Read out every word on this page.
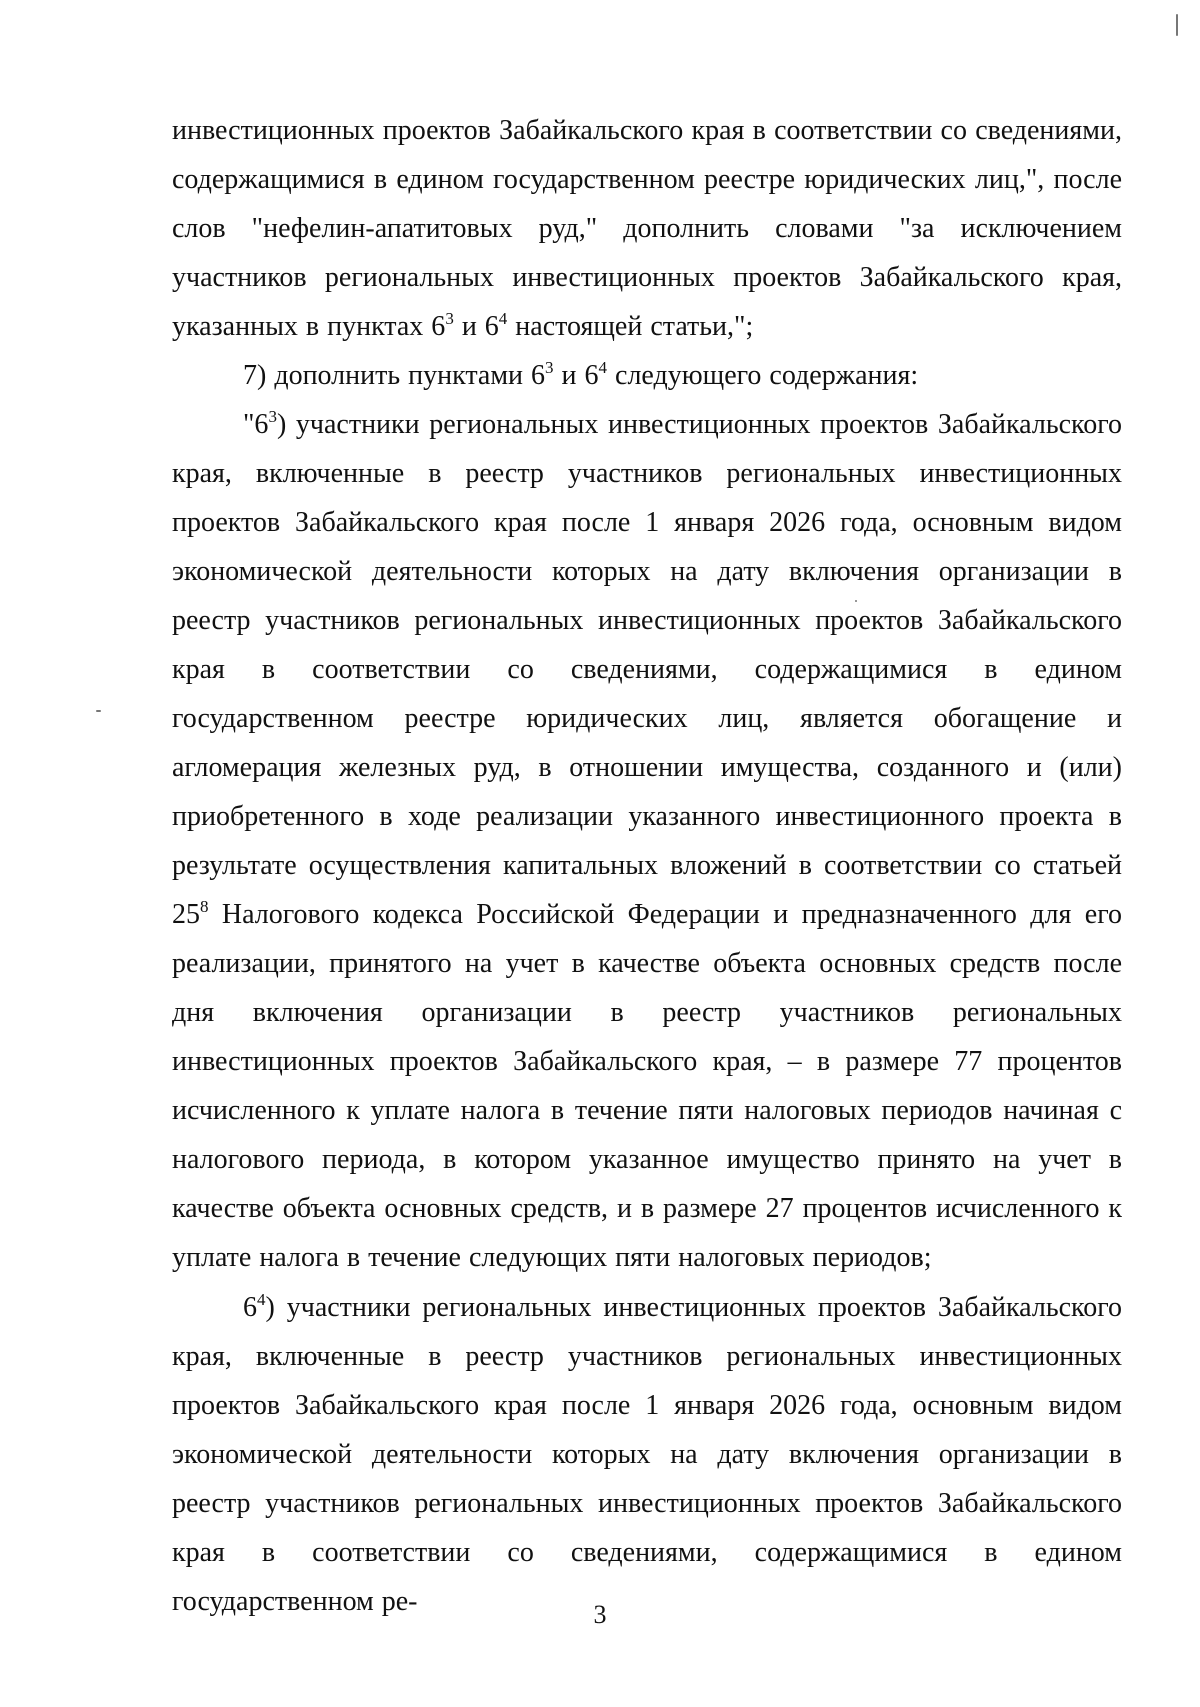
инвестиционных проектов Забайкальского края в соответствии со сведениями, содержащимися в едином государственном реестре юридических лиц,", после слов "нефелин-апатитовых руд," дополнить словами "за исключением участников региональных инвестиционных проектов Забайкальского края, указанных в пунктах $6^3$ и $6^4$ настоящей статьи,";

7) дополнить пунктами $6^3$ и $6^4$ следующего содержания:

"$6^3$) участники региональных инвестиционных проектов Забайкальского края, включенные в реестр участников региональных инвестиционных проектов Забайкальского края после 1 января 2026 года, основным видом экономической деятельности которых на дату включения организации в реестр участников региональных инвестиционных проектов Забайкальского края в соответствии со сведениями, содержащимися в едином государственном реестре юридических лиц, является обогащение и агломерация железных руд, в отношении имущества, созданного и (или) приобретенного в ходе реализации указанного инвестиционного проекта в результате осуществления капитальных вложений в соответствии со статьей $25^8$ Налогового кодекса Российской Федерации и предназначенного для его реализации, принятого на учет в качестве объекта основных средств после дня включения организации в реестр участников региональных инвестиционных проектов Забайкальского края, – в размере 77 процентов исчисленного к уплате налога в течение пяти налоговых периодов начиная с налогового периода, в котором указанное имущество принято на учет в качестве объекта основных средств, и в размере 27 процентов исчисленного к уплате налога в течение следующих пяти налоговых периодов;

$6^4$) участники региональных инвестиционных проектов Забайкальского края, включенные в реестр участников региональных инвестиционных проектов Забайкальского края после 1 января 2026 года, основным видом экономической деятельности которых на дату включения организации в реестр участников региональных инвестиционных проектов Забайкальского края в соответствии со сведениями, содержащимися в едином государственном ре-	3
